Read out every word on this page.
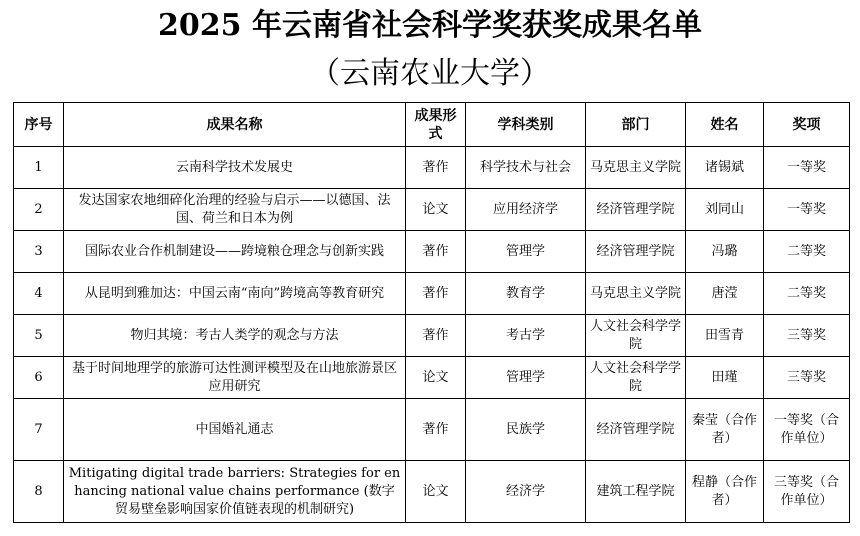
2025 年云南省社会科学奖获奖成果名单
（云南农业大学）
序号	成果名称	成果形式	学科类别	部门	姓名	奖项
1	云南科学技术发展史	著作	科学技术与社会	马克思主义学院	诸锡斌	一等奖
2	发达国家农地细碎化治理的经验与启示——以德国、法国、荷兰和日本为例	论文	应用经济学	经济管理学院	刘同山	一等奖
3	国际农业合作机制建设——跨境粮仓理念与创新实践	著作	管理学	经济管理学院	冯璐	二等奖
4	从昆明到雅加达：中国云南“南向”跨境高等教育研究	著作	教育学	马克思主义学院	唐滢	二等奖
5	物归其境：考古人类学的观念与方法	著作	考古学	人文社会科学学院	田雪青	三等奖
6	基于时间地理学的旅游可达性测评模型及在山地旅游景区应用研究	论文	管理学	人文社会科学学院	田瑾	三等奖
7	中国婚礼通志	著作	民族学	经济管理学院	秦莹（合作者）	一等奖（合作单位）
8	Mitigating digital trade barriers: Strategies for enhancing national value chains performance (数字贸易壁垒影响国家价值链表现的机制研究)	论文	经济学	建筑工程学院	程静（合作者）	三等奖（合作单位）
